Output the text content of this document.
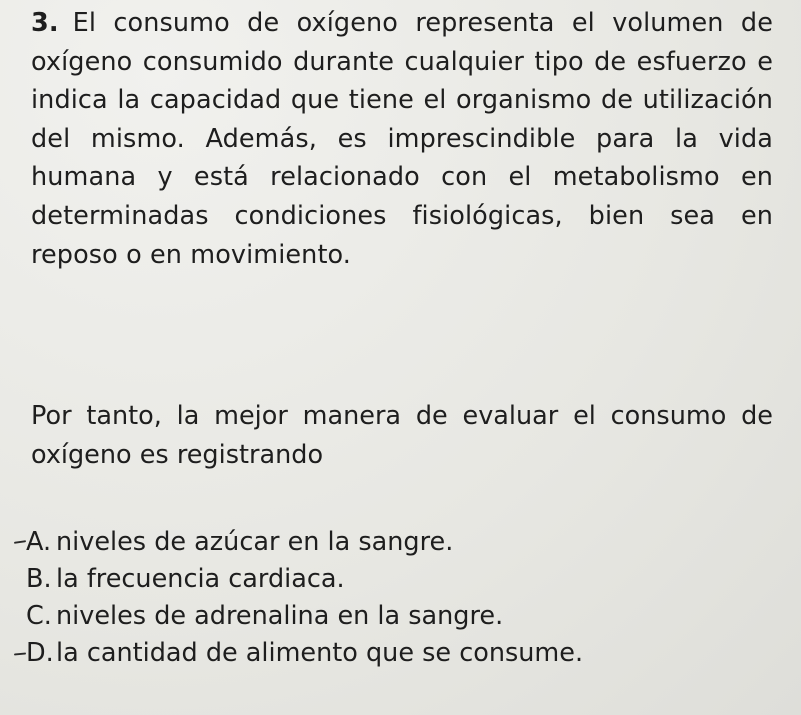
3. El consumo de oxígeno representa el volumen de oxígeno consumido durante cualquier tipo de esfuerzo e indica la capacidad que tiene el organismo de utilización del mismo. Además, es imprescindible para la vida humana y está relacionado con el metabolismo en determinadas condiciones fisiológicas, bien sea en reposo o en movimiento.

Por tanto, la mejor manera de evaluar el consumo de oxígeno es registrando

A. niveles de azúcar en la sangre.
B. la frecuencia cardiaca.
C. niveles de adrenalina en la sangre.
D.la cantidad de alimento que se consume.
